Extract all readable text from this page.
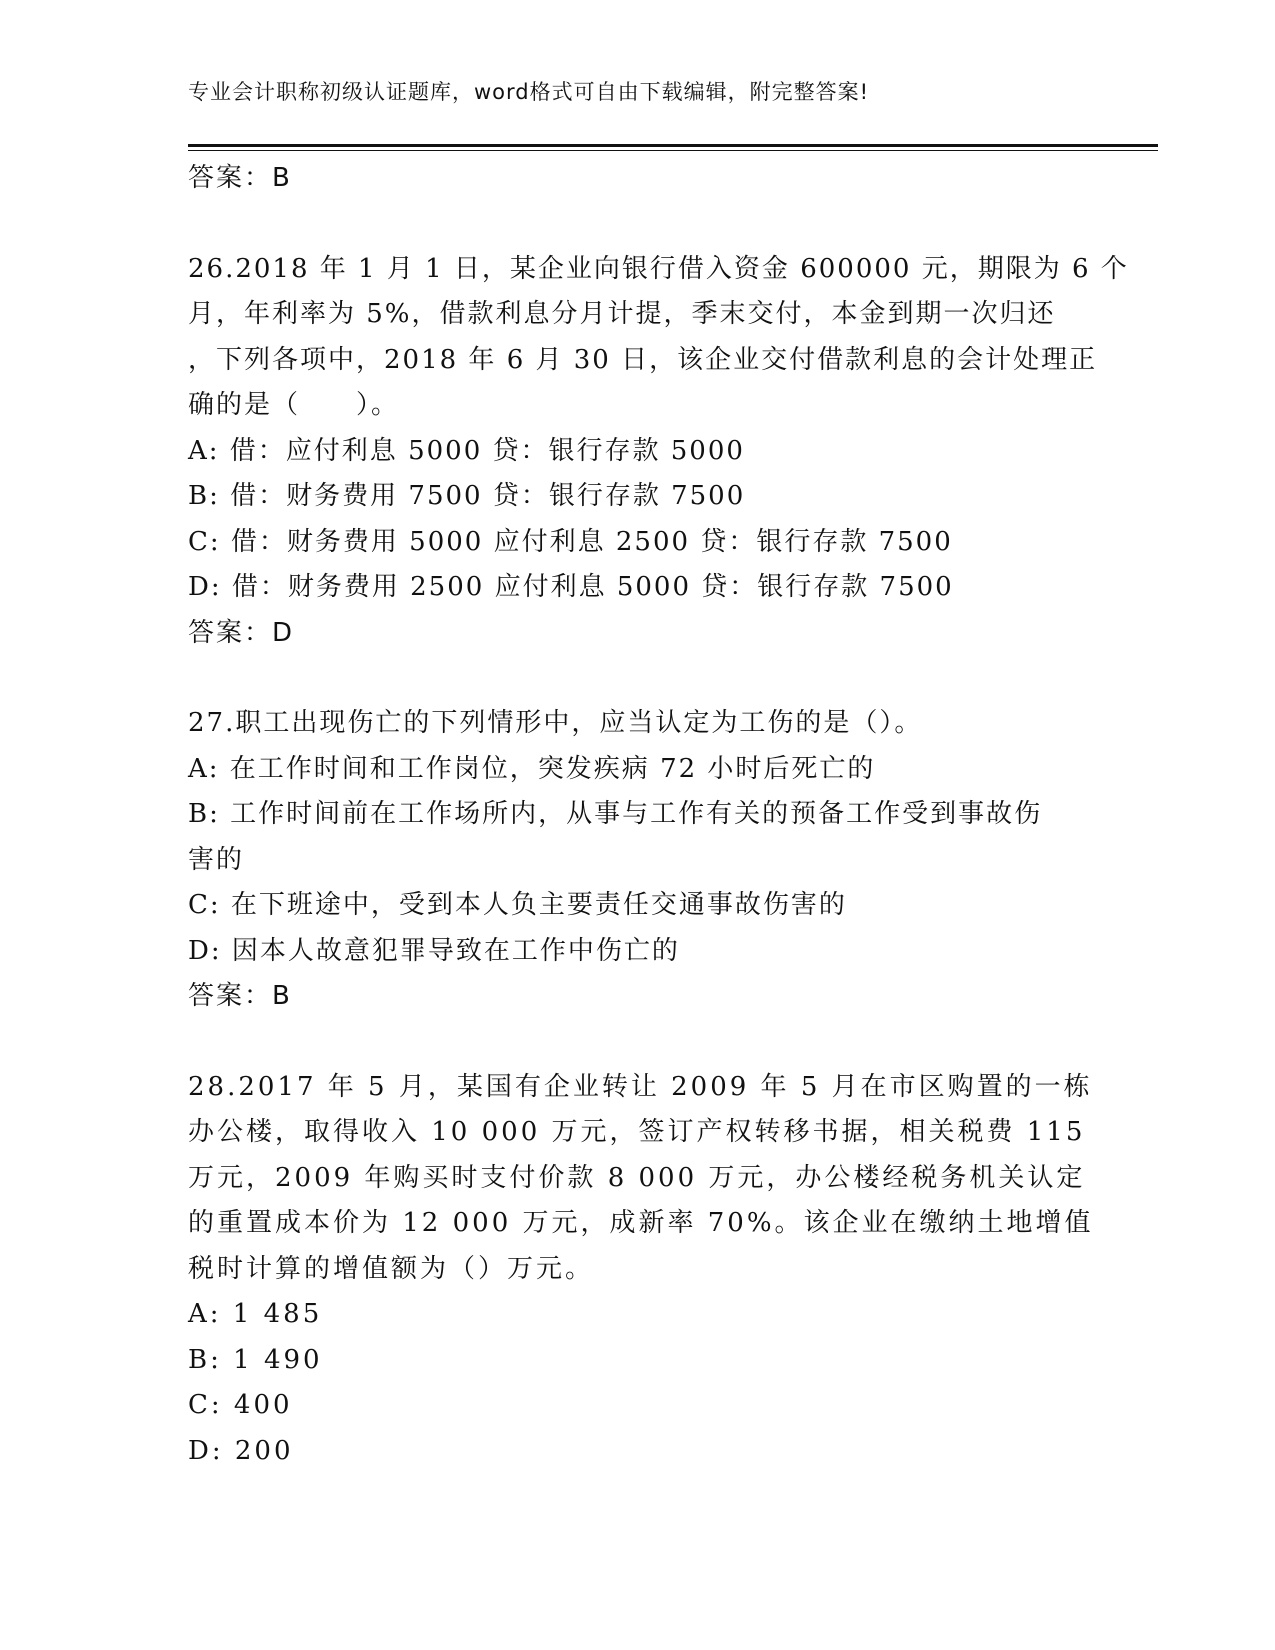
专业会计职称初级认证题库，word格式可自由下载编辑，附完整答案!
答案：B
26.2018 年 1 月 1 日，某企业向银行借入资金 600000 元，期限为 6 个
月，年利率为 5%，借款利息分月计提，季末交付，本金到期一次归还
，下列各项中，2018 年 6 月 30 日，该企业交付借款利息的会计处理正
确的是（　　）。
A: 借：应付利息 5000 贷：银行存款 5000
B: 借：财务费用 7500 贷：银行存款 7500
C: 借：财务费用 5000 应付利息 2500 贷：银行存款 7500
D: 借：财务费用 2500 应付利息 5000 贷：银行存款 7500
答案：D
27.职工出现伤亡的下列情形中，应当认定为工伤的是（）。
A: 在工作时间和工作岗位，突发疾病 72 小时后死亡的
B: 工作时间前在工作场所内，从事与工作有关的预备工作受到事故伤
害的
C: 在下班途中，受到本人负主要责任交通事故伤害的
D: 因本人故意犯罪导致在工作中伤亡的
答案：B
28.2017 年 5 月，某国有企业转让 2009 年 5 月在市区购置的一栋
办公楼，取得收入 10 000 万元，签订产权转移书据，相关税费 115
万元，2009 年购买时支付价款 8 000 万元，办公楼经税务机关认定
的重置成本价为 12 000 万元，成新率 70%。该企业在缴纳土地增值
税时计算的增值额为（）万元。
A: 1 485
B: 1 490
C: 400
D: 200
